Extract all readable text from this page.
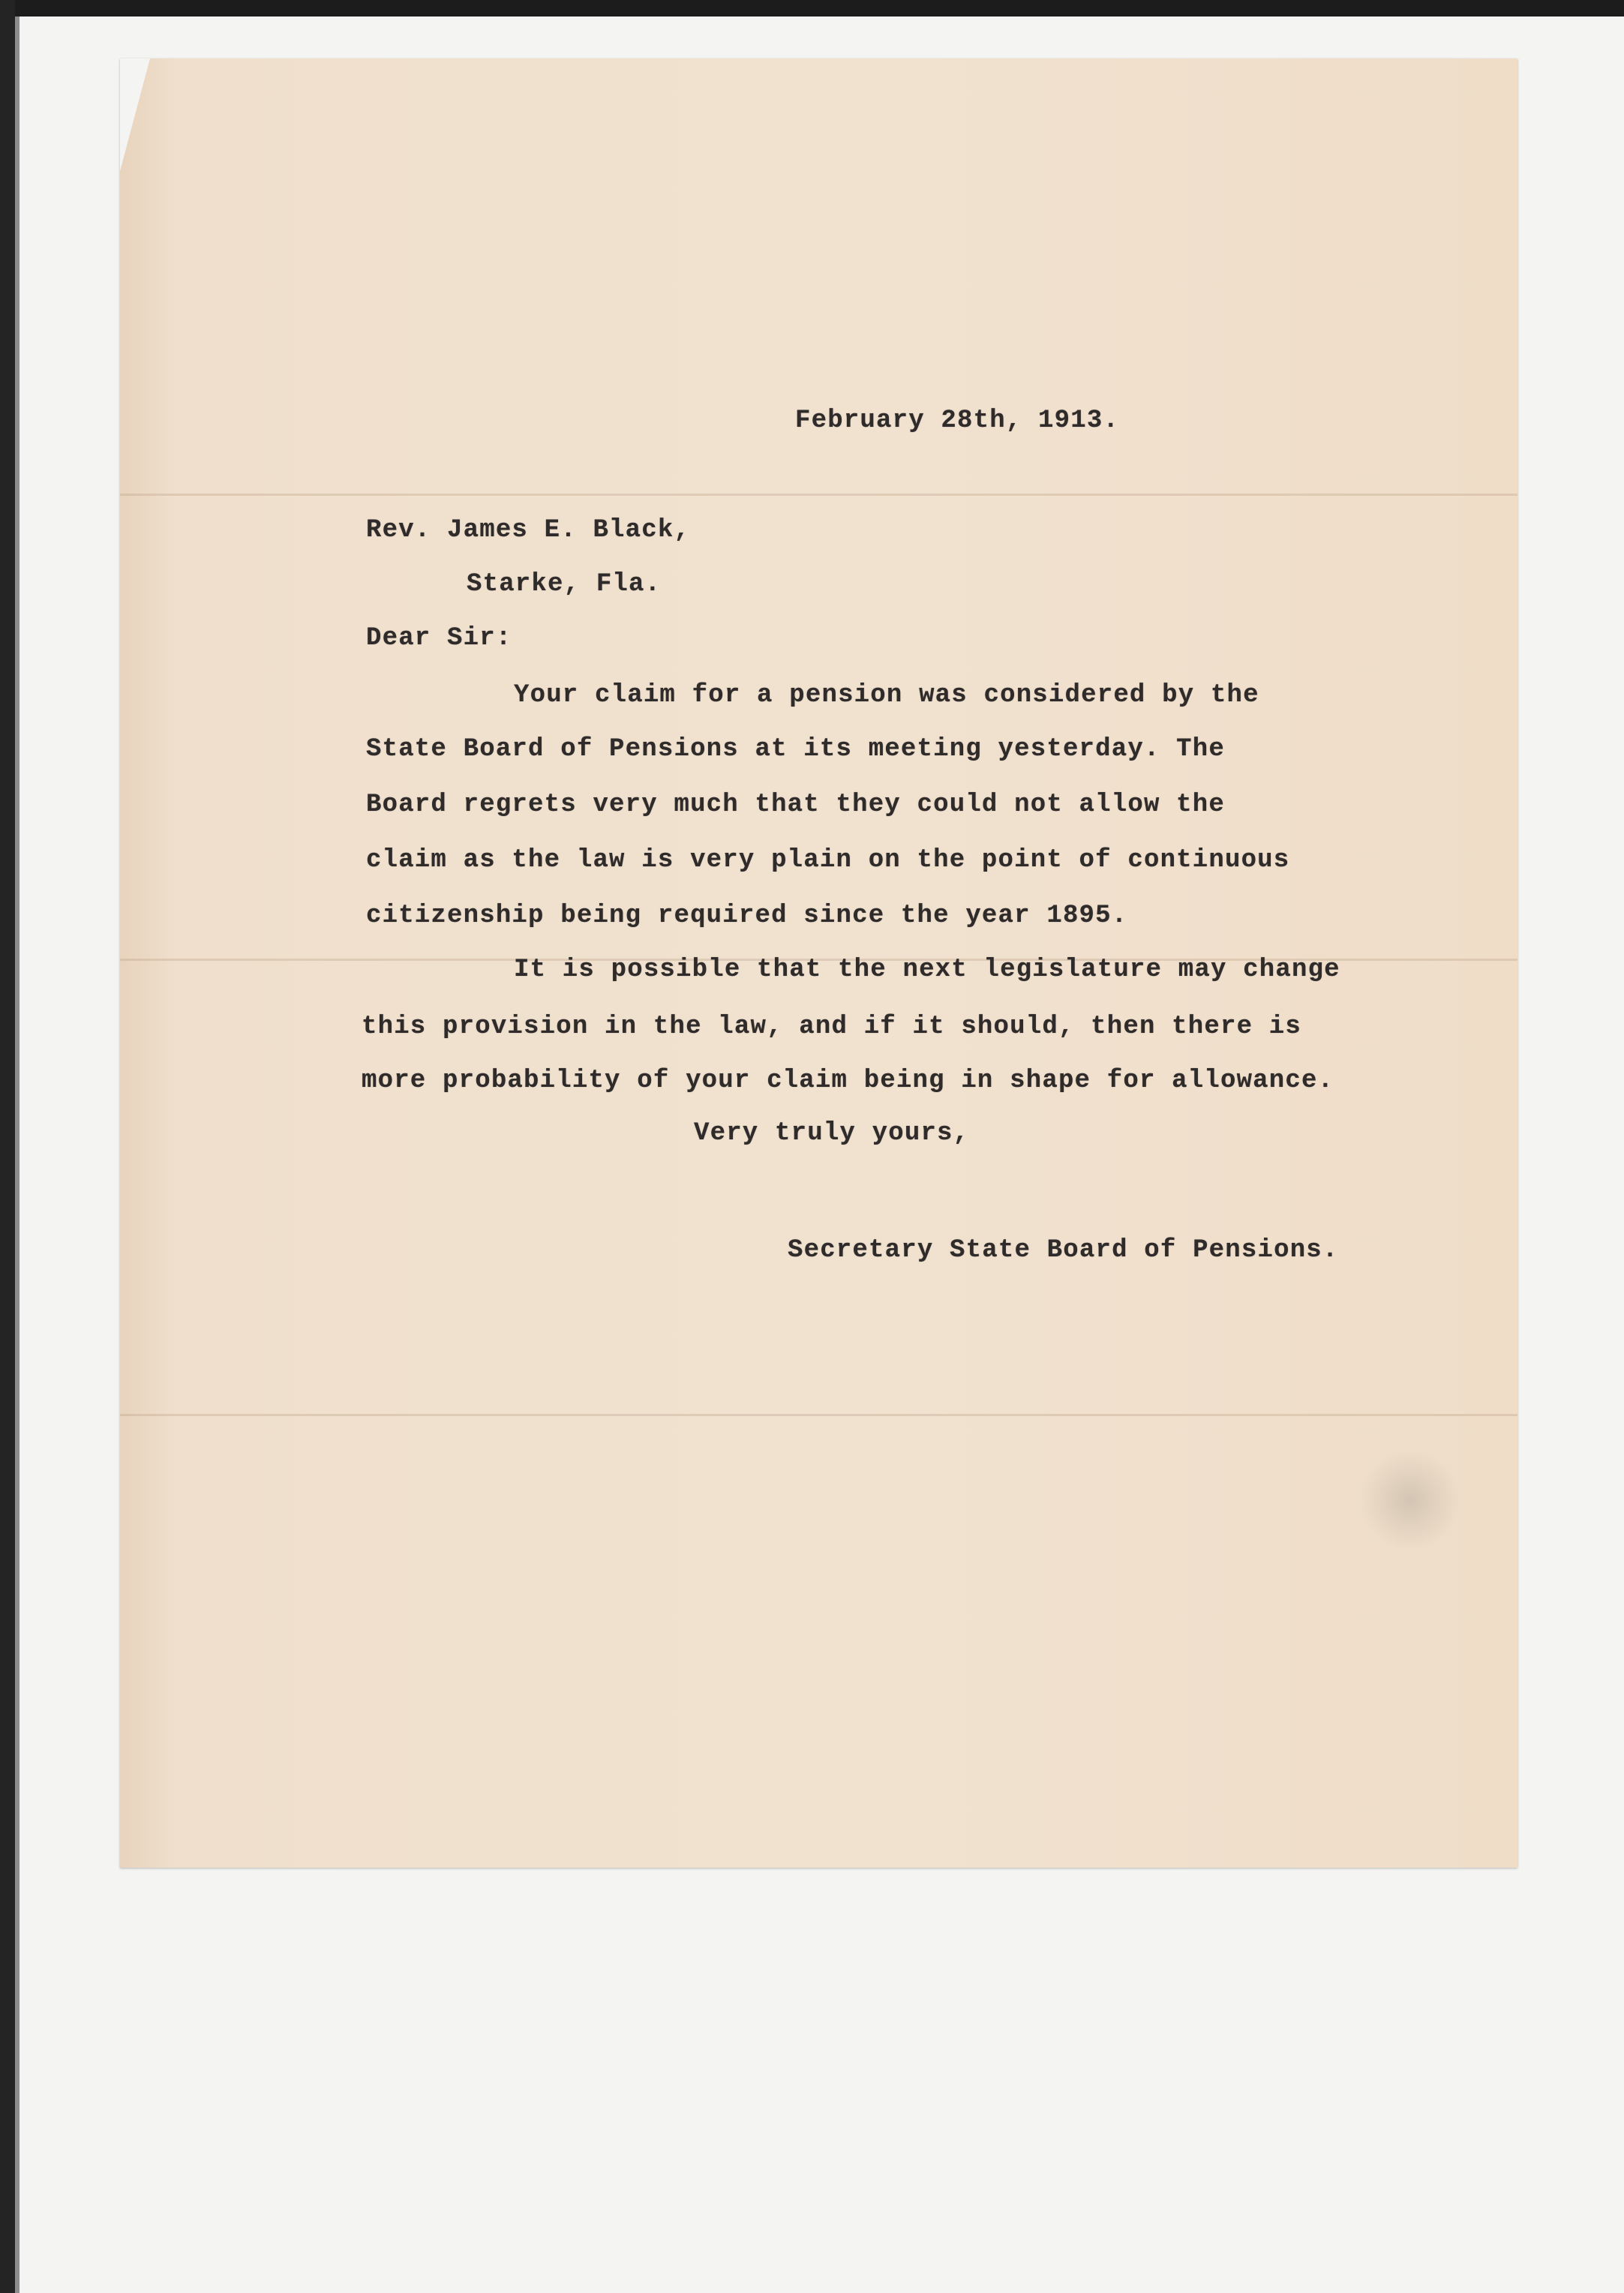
February 28th, 1913.

Rev. James E. Black,

Starke, Fla.

Dear Sir:

Your claim for a pension was considered by the

State Board of Pensions at its meeting yesterday. The

Board regrets very much that they could not allow the

claim as the law is very plain on the point of continuous

citizenship being required since the year 1895.

It is possible that the next legislature may change

this provision in the law, and if it should, then there is

more probability of your claim being in shape for allowance.

Very truly yours,

Secretary State Board of Pensions.
